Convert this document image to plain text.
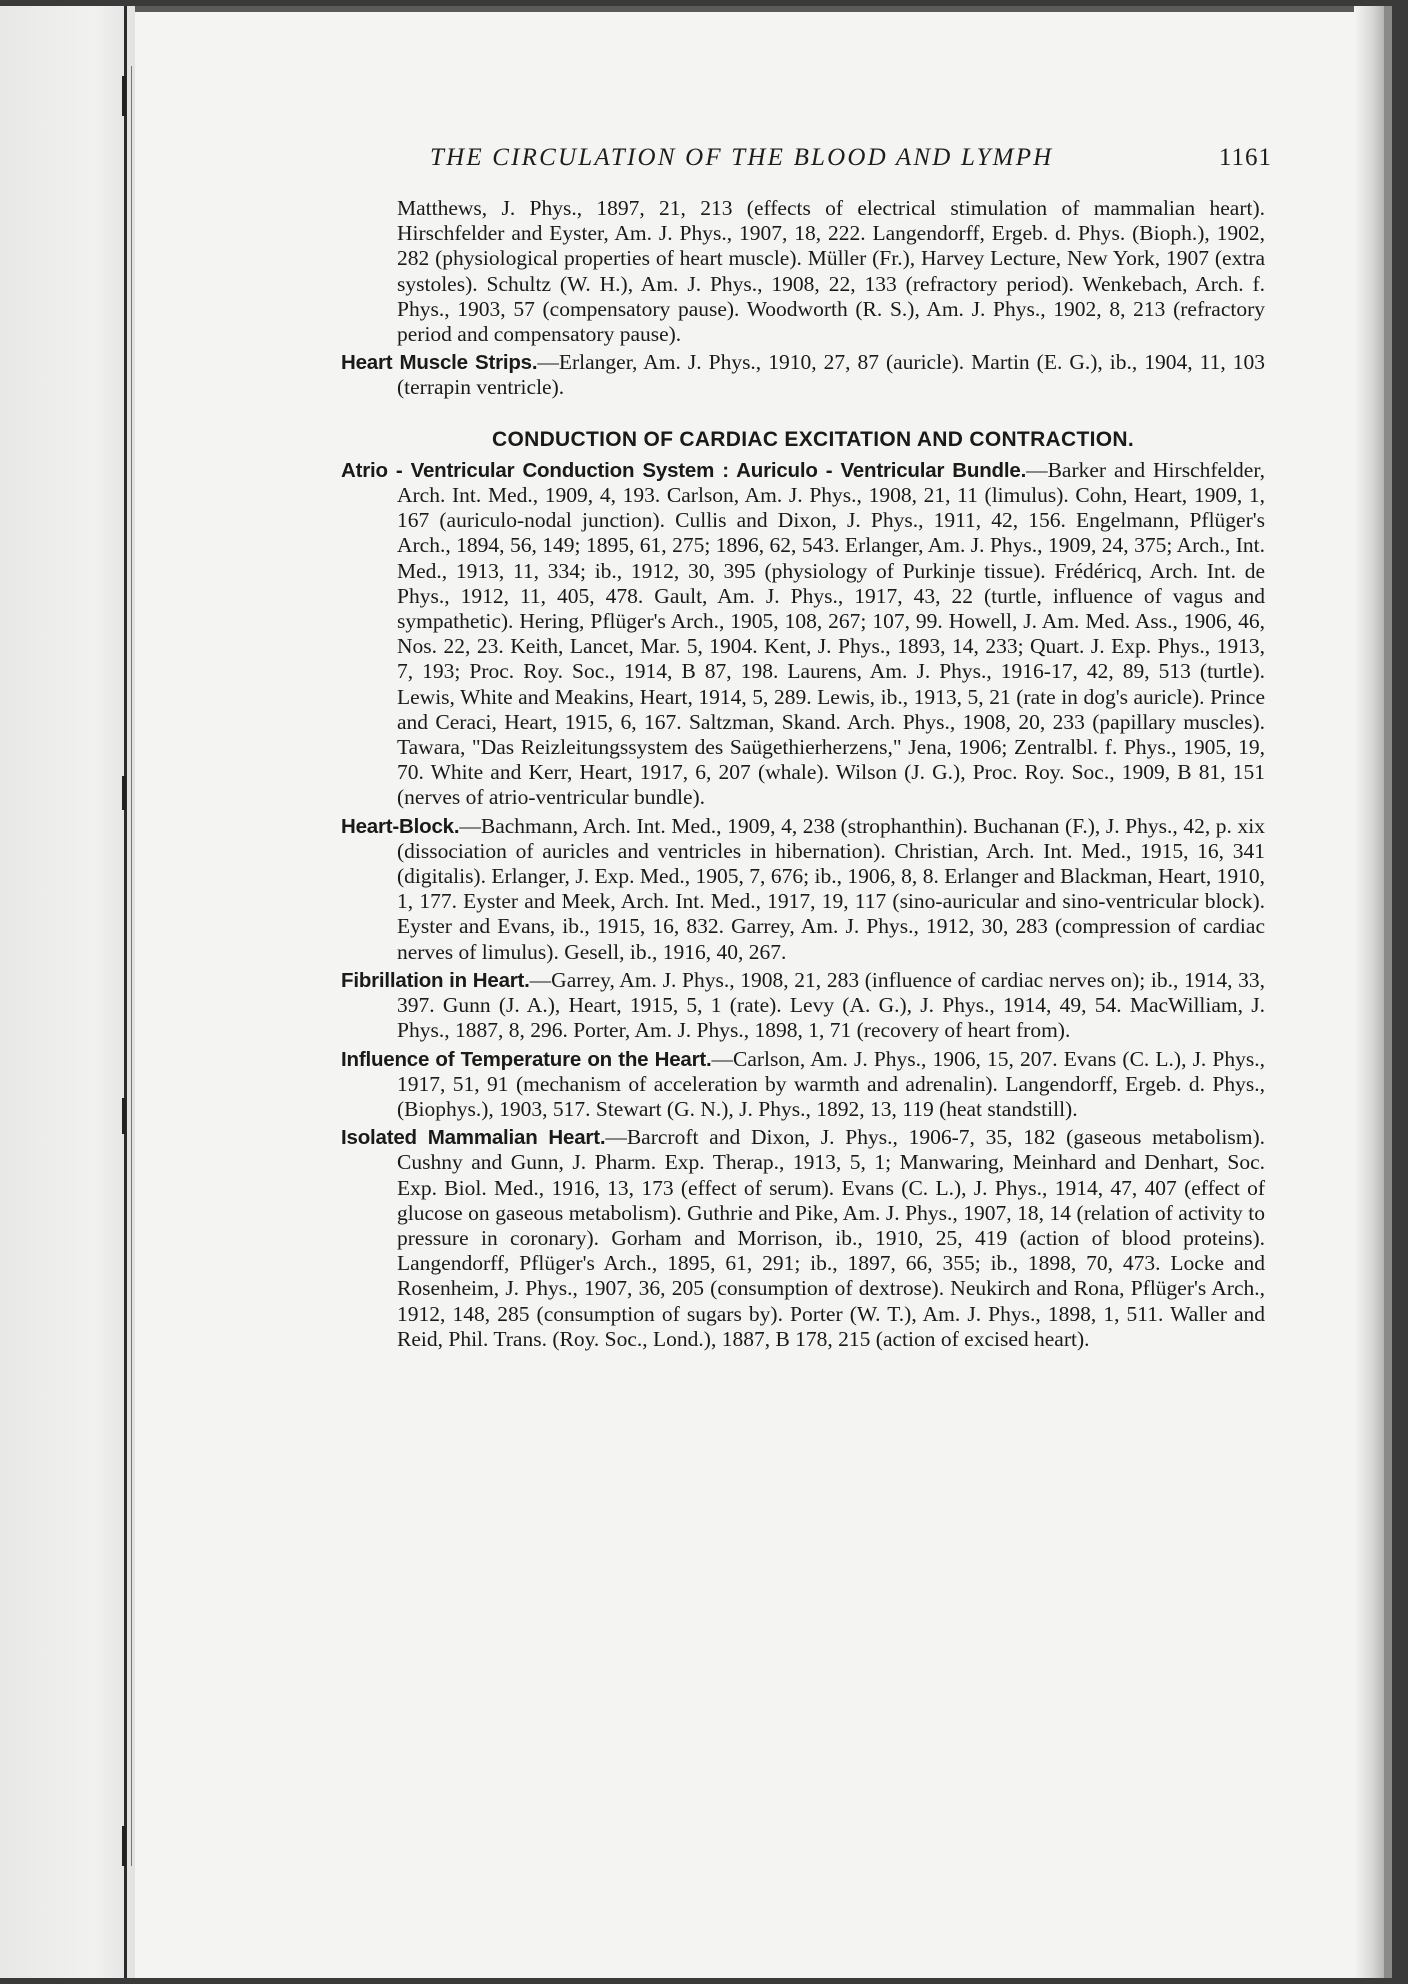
THE CIRCULATION OF THE BLOOD AND LYMPH	1161

Matthews, J. Phys., 1897, 21, 213 (effects of electrical stimulation of mammalian heart). Hirschfelder and Eyster, Am. J. Phys., 1907, 18, 222. Langendorff, Ergeb. d. Phys. (Bioph.), 1902, 282 (physiological properties of heart muscle). Müller (Fr.), Harvey Lecture, New York, 1907 (extra systoles). Schultz (W. H.), Am. J. Phys., 1908, 22, 133 (refractory period). Wenkebach, Arch. f. Phys., 1903, 57 (compensatory pause). Woodworth (R. S.), Am. J. Phys., 1902, 8, 213 (refractory period and compensatory pause).

Heart Muscle Strips.—Erlanger, Am. J. Phys., 1910, 27, 87 (auricle). Martin (E. G.), ib., 1904, 11, 103 (terrapin ventricle).

CONDUCTION OF CARDIAC EXCITATION AND CONTRACTION.

Atrio - Ventricular Conduction System : Auriculo - Ventricular Bundle.—Barker and Hirschfelder, Arch. Int. Med., 1909, 4, 193. Carlson, Am. J. Phys., 1908, 21, 11 (limulus). Cohn, Heart, 1909, 1, 167 (auriculo-nodal junction). Cullis and Dixon, J. Phys., 1911, 42, 156. Engelmann, Pflüger's Arch., 1894, 56, 149; 1895, 61, 275; 1896, 62, 543. Erlanger, Am. J. Phys., 1909, 24, 375; Arch., Int. Med., 1913, 11, 334; ib., 1912, 30, 395 (physiology of Purkinje tissue). Frédéricq, Arch. Int. de Phys., 1912, 11, 405, 478. Gault, Am. J. Phys., 1917, 43, 22 (turtle, influence of vagus and sympathetic). Hering, Pflüger's Arch., 1905, 108, 267; 107, 99. Howell, J. Am. Med. Ass., 1906, 46, Nos. 22, 23. Keith, Lancet, Mar. 5, 1904. Kent, J. Phys., 1893, 14, 233; Quart. J. Exp. Phys., 1913, 7, 193; Proc. Roy. Soc., 1914, B 87, 198. Laurens, Am. J. Phys., 1916-17, 42, 89, 513 (turtle). Lewis, White and Meakins, Heart, 1914, 5, 289. Lewis, ib., 1913, 5, 21 (rate in dog's auricle). Prince and Ceraci, Heart, 1915, 6, 167. Saltzman, Skand. Arch. Phys., 1908, 20, 233 (papillary muscles). Tawara, "Das Reizleitungssystem des Saügethierherzens," Jena, 1906; Zentralbl. f. Phys., 1905, 19, 70. White and Kerr, Heart, 1917, 6, 207 (whale). Wilson (J. G.), Proc. Roy. Soc., 1909, B 81, 151 (nerves of atrio-ventricular bundle).

Heart-Block.—Bachmann, Arch. Int. Med., 1909, 4, 238 (strophanthin). Buchanan (F.), J. Phys., 42, p. xix (dissociation of auricles and ventricles in hibernation). Christian, Arch. Int. Med., 1915, 16, 341 (digitalis). Erlanger, J. Exp. Med., 1905, 7, 676; ib., 1906, 8, 8. Erlanger and Blackman, Heart, 1910, 1, 177. Eyster and Meek, Arch. Int. Med., 1917, 19, 117 (sino-auricular and sino-ventricular block). Eyster and Evans, ib., 1915, 16, 832. Garrey, Am. J. Phys., 1912, 30, 283 (compression of cardiac nerves of limulus). Gesell, ib., 1916, 40, 267.

Fibrillation in Heart.—Garrey, Am. J. Phys., 1908, 21, 283 (influence of cardiac nerves on); ib., 1914, 33, 397. Gunn (J. A.), Heart, 1915, 5, 1 (rate). Levy (A. G.), J. Phys., 1914, 49, 54. MacWilliam, J. Phys., 1887, 8, 296. Porter, Am. J. Phys., 1898, 1, 71 (recovery of heart from).

Influence of Temperature on the Heart.—Carlson, Am. J. Phys., 1906, 15, 207. Evans (C. L.), J. Phys., 1917, 51, 91 (mechanism of acceleration by warmth and adrenalin). Langendorff, Ergeb. d. Phys., (Biophys.), 1903, 517. Stewart (G. N.), J. Phys., 1892, 13, 119 (heat standstill).

Isolated Mammalian Heart.—Barcroft and Dixon, J. Phys., 1906-7, 35, 182 (gaseous metabolism). Cushny and Gunn, J. Pharm. Exp. Therap., 1913, 5, 1; Manwaring, Meinhard and Denhart, Soc. Exp. Biol. Med., 1916, 13, 173 (effect of serum). Evans (C. L.), J. Phys., 1914, 47, 407 (effect of glucose on gaseous metabolism). Guthrie and Pike, Am. J. Phys., 1907, 18, 14 (relation of activity to pressure in coronary). Gorham and Morrison, ib., 1910, 25, 419 (action of blood proteins). Langendorff, Pflüger's Arch., 1895, 61, 291; ib., 1897, 66, 355; ib., 1898, 70, 473. Locke and Rosenheim, J. Phys., 1907, 36, 205 (consumption of dextrose). Neukirch and Rona, Pflüger's Arch., 1912, 148, 285 (consumption of sugars by). Porter (W. T.), Am. J. Phys., 1898, 1, 511. Waller and Reid, Phil. Trans. (Roy. Soc., Lond.), 1887, B 178, 215 (action of excised heart).
